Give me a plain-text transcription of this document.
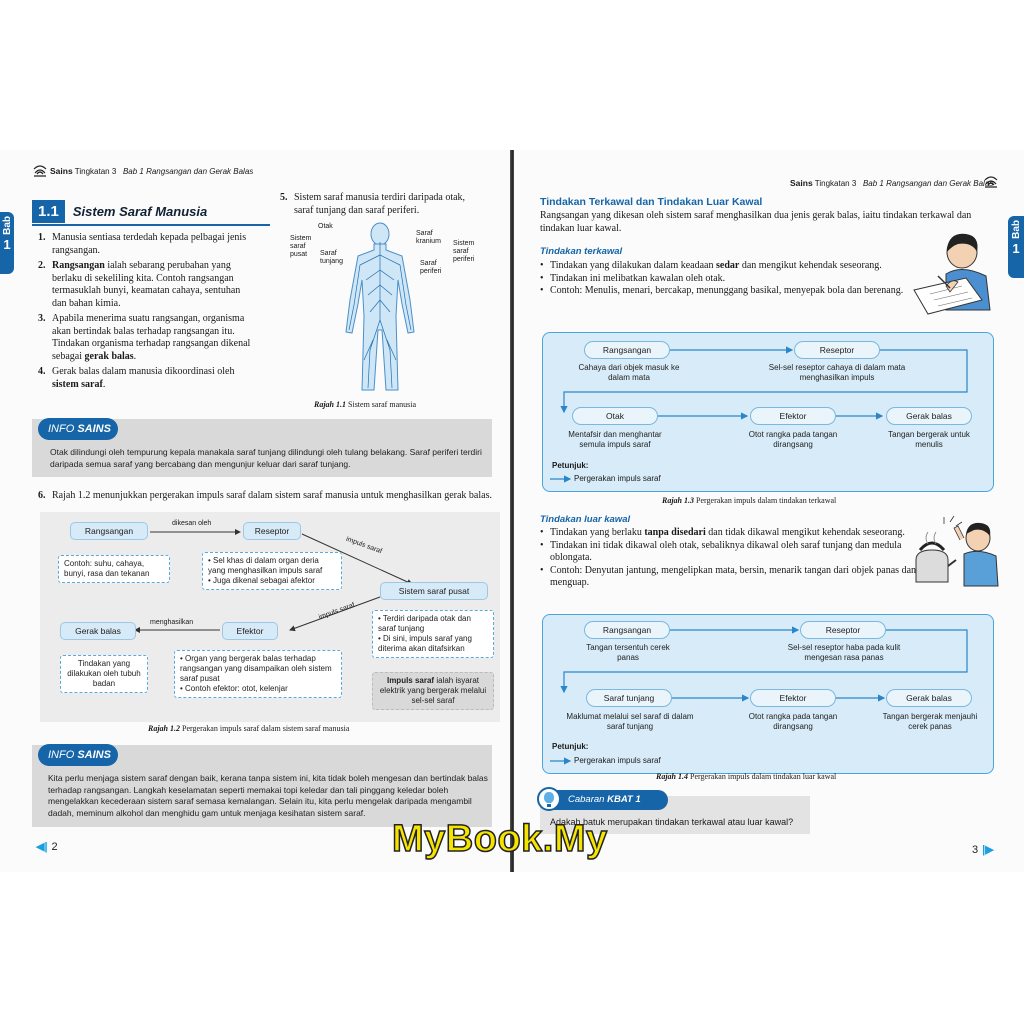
Sains Tingkatan 3 Bab 1 Rangsangan dan Gerak Balas
Bab
1
1.1	Sistem Saraf Manusia
1. Manusia sentiasa terdedah kepada pelbagai jenis rangsangan.
2. Rangsangan ialah sebarang perubahan yang berlaku di sekeliling kita. Contoh rangsangan termasuklah bunyi, keamatan cahaya, sentuhan dan bahan kimia.
3. Apabila menerima suatu rangsangan, organisma akan bertindak balas terhadap rangsangan itu. Tindakan organisma terhadap rangsangan dikenal sebagai gerak balas.
4. Gerak balas dalam manusia dikoordinasi oleh sistem saraf.
5. Sistem saraf manusia terdiri daripada otak, saraf tunjang dan saraf periferi.
Otak
Sistem saraf pusat	Saraf tunjang
Saraf kranium
Saraf periferi
Sistem saraf periferi
Rajah 1.1 Sistem saraf manusia
Otak dilindungi oleh tempurung kepala manakala saraf tunjang dilindungi oleh tulang belakang. Saraf periferi terdiri daripada semua saraf yang bercabang dan mengunjur keluar dari saraf tunjang.
INFO SAINS
6. Rajah 1.2 menunjukkan pergerakan impuls saraf dalam sistem saraf manusia untuk menghasilkan gerak balas.
Rangsangan
dikesan oleh
Reseptor
impuls saraf
Sistem saraf pusat
impuls saraf
Efektor
menghasilkan
Gerak balas
Contoh: suhu, cahaya, bunyi, rasa dan tekanan
• Sel khas di dalam organ deria yang menghasilkan impuls saraf
• Juga dikenal sebagai afektor
• Terdiri daripada otak dan saraf tunjang
• Di sini, impuls saraf yang diterima akan ditafsirkan
• Organ yang bergerak balas terhadap rangsangan yang disampaikan oleh sistem saraf pusat
• Contoh efektor: otot, kelenjar
Tindakan yang dilakukan oleh tubuh badan	Impuls saraf ialah isyarat elektrik yang bergerak melalui sel-sel saraf
Rajah 1.2 Pergerakan impuls saraf dalam sistem saraf manusia
Kita perlu menjaga sistem saraf dengan baik, kerana tanpa sistem ini, kita tidak boleh mengesan dan bertindak balas terhadap rangsangan. Langkah keselamatan seperti memakai topi keledar dan tali pinggang keledar boleh mengelakkan kecederaan sistem saraf semasa kemalangan. Selain itu, kita perlu mengelak daripada mengambil dadah, meminum alkohol dan menghidu gam untuk menjaga kesihatan sistem saraf.
INFO SAINS
◀| 2
Sains Tingkatan 3 Bab 1 Rangsangan dan Gerak Balas
Bab
1
Tindakan Terkawal dan Tindakan Luar Kawal
Rangsangan yang dikesan oleh sistem saraf menghasilkan dua jenis gerak balas, iaitu tindakan terkawal dan tindakan luar kawal.
Tindakan terkawal
• Tindakan yang dilakukan dalam keadaan sedar dan mengikut kehendak seseorang.
• Tindakan ini melibatkan kawalan oleh otak.
• Contoh: Menulis, menari, bercakap, menunggang basikal, menyepak bola dan berenang.
Rangsangan
Cahaya dari objek masuk ke dalam mata
Reseptor
Sel-sel reseptor cahaya di dalam mata menghasilkan impuls
Otak
Mentafsir dan menghantar semula impuls saraf
Efektor
Otot rangka pada tangan dirangsang
Gerak balas
Tangan bergerak untuk menulis
Petunjuk:
Pergerakan impuls saraf
Rajah 1.3 Pergerakan impuls dalam tindakan terkawal
Tindakan luar kawal
• Tindakan yang berlaku tanpa disedari dan tidak dikawal mengikut kehendak seseorang.
• Tindakan ini tidak dikawal oleh otak, sebaliknya dikawal oleh saraf tunjang dan medula oblongata.
• Contoh: Denyutan jantung, mengelipkan mata, bersin, menarik tangan dari objek panas dan menguap.
Rangsangan
Tangan tersentuh cerek panas
Reseptor
Sel-sel reseptor haba pada kulit mengesan rasa panas
Saraf tunjang
Maklumat melalui sel saraf di dalam saraf tunjang
Efektor
Otot rangka pada tangan dirangsang
Gerak balas
Tangan bergerak menjauhi cerek panas
Petunjuk:
Pergerakan impuls saraf
Rajah 1.4 Pergerakan impuls dalam tindakan luar kawal
Cabaran KBAT 1
Adakah batuk merupakan tindakan terkawal atau luar kawal?
3 |▶
MyBook.My
